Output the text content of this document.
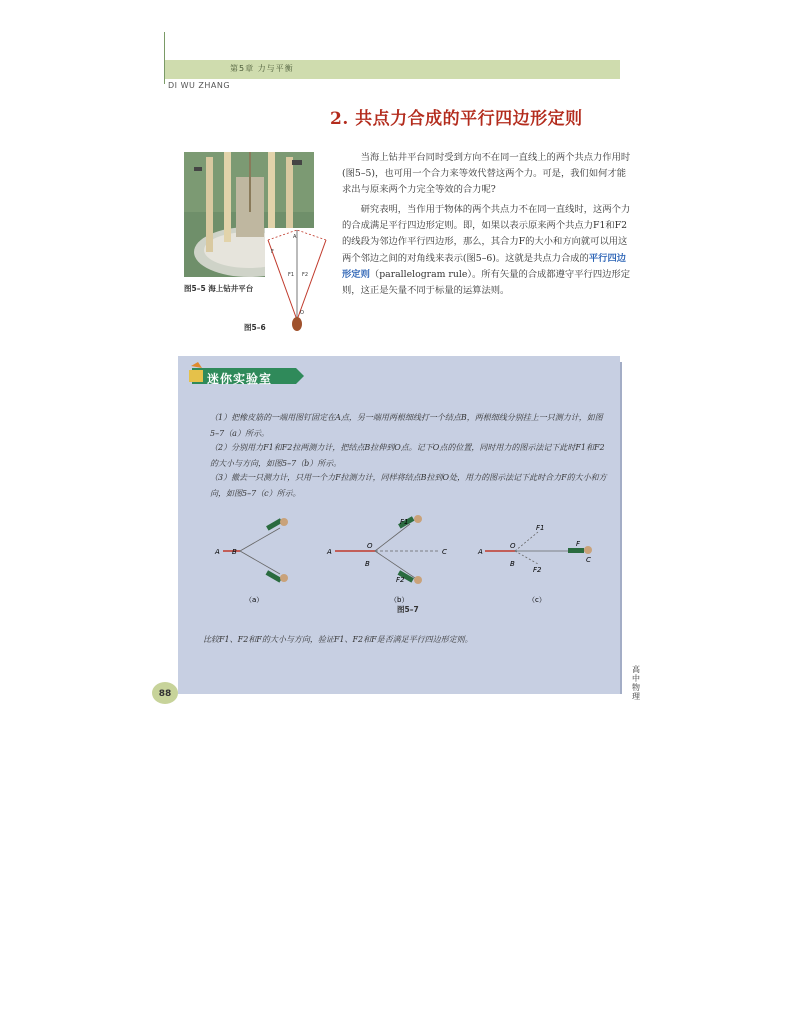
第5章 力与平衡
DI WU ZHANG
2. 共点力合成的平行四边形定则
图5–5 海上钻井平台
F1 F2
F
A
O
图5–6
当海上钻井平台同时受到方向不在同一直线上的两个共点力作用时(图5–5)，也可用一个合力来等效代替这两个力。可是，我们如何才能求出与原来两个力完全等效的合力呢?
研究表明，当作用于物体的两个共点力不在同一直线时，这两个力的合成满足平行四边形定则。即，如果以表示原来两个共点力F1和F2的线段为邻边作平行四边形，那么，其合力F的大小和方向就可以用这两个邻边之间的对角线来表示(图5–6)。这就是共点力合成的平行四边形定则（parallelogram rule）。所有矢量的合成都遵守平行四边形定则，这正是矢量不同于标量的运算法则。
迷你实验室
（1）把橡皮筋的一端用图钉固定在A点，另一端用两根细线打一个结点B，两根细线分别挂上一只测力计，如图5–7（a）所示。
（2）分别用力F1和F2拉两测力计，把结点B拉伸到O点。记下O点的位置，同时用力的图示法记下此时F1和F2的大小与方向，如图5–7（b）所示。
（3）撤去一只测力计，只用一个力F拉测力计，同样将结点B拉到O处，用力的图示法记下此时合力F的大小和方向，如图5–7（c）所示。
A B
（a）
A
O
B
C
F1
F2
（b）
A
O
B	C
F1
F2
F
（c）
图5–7
比较F1、F2和F的大小与方向，验证F1、F2和F是否满足平行四边形定则。
88
高中物理
